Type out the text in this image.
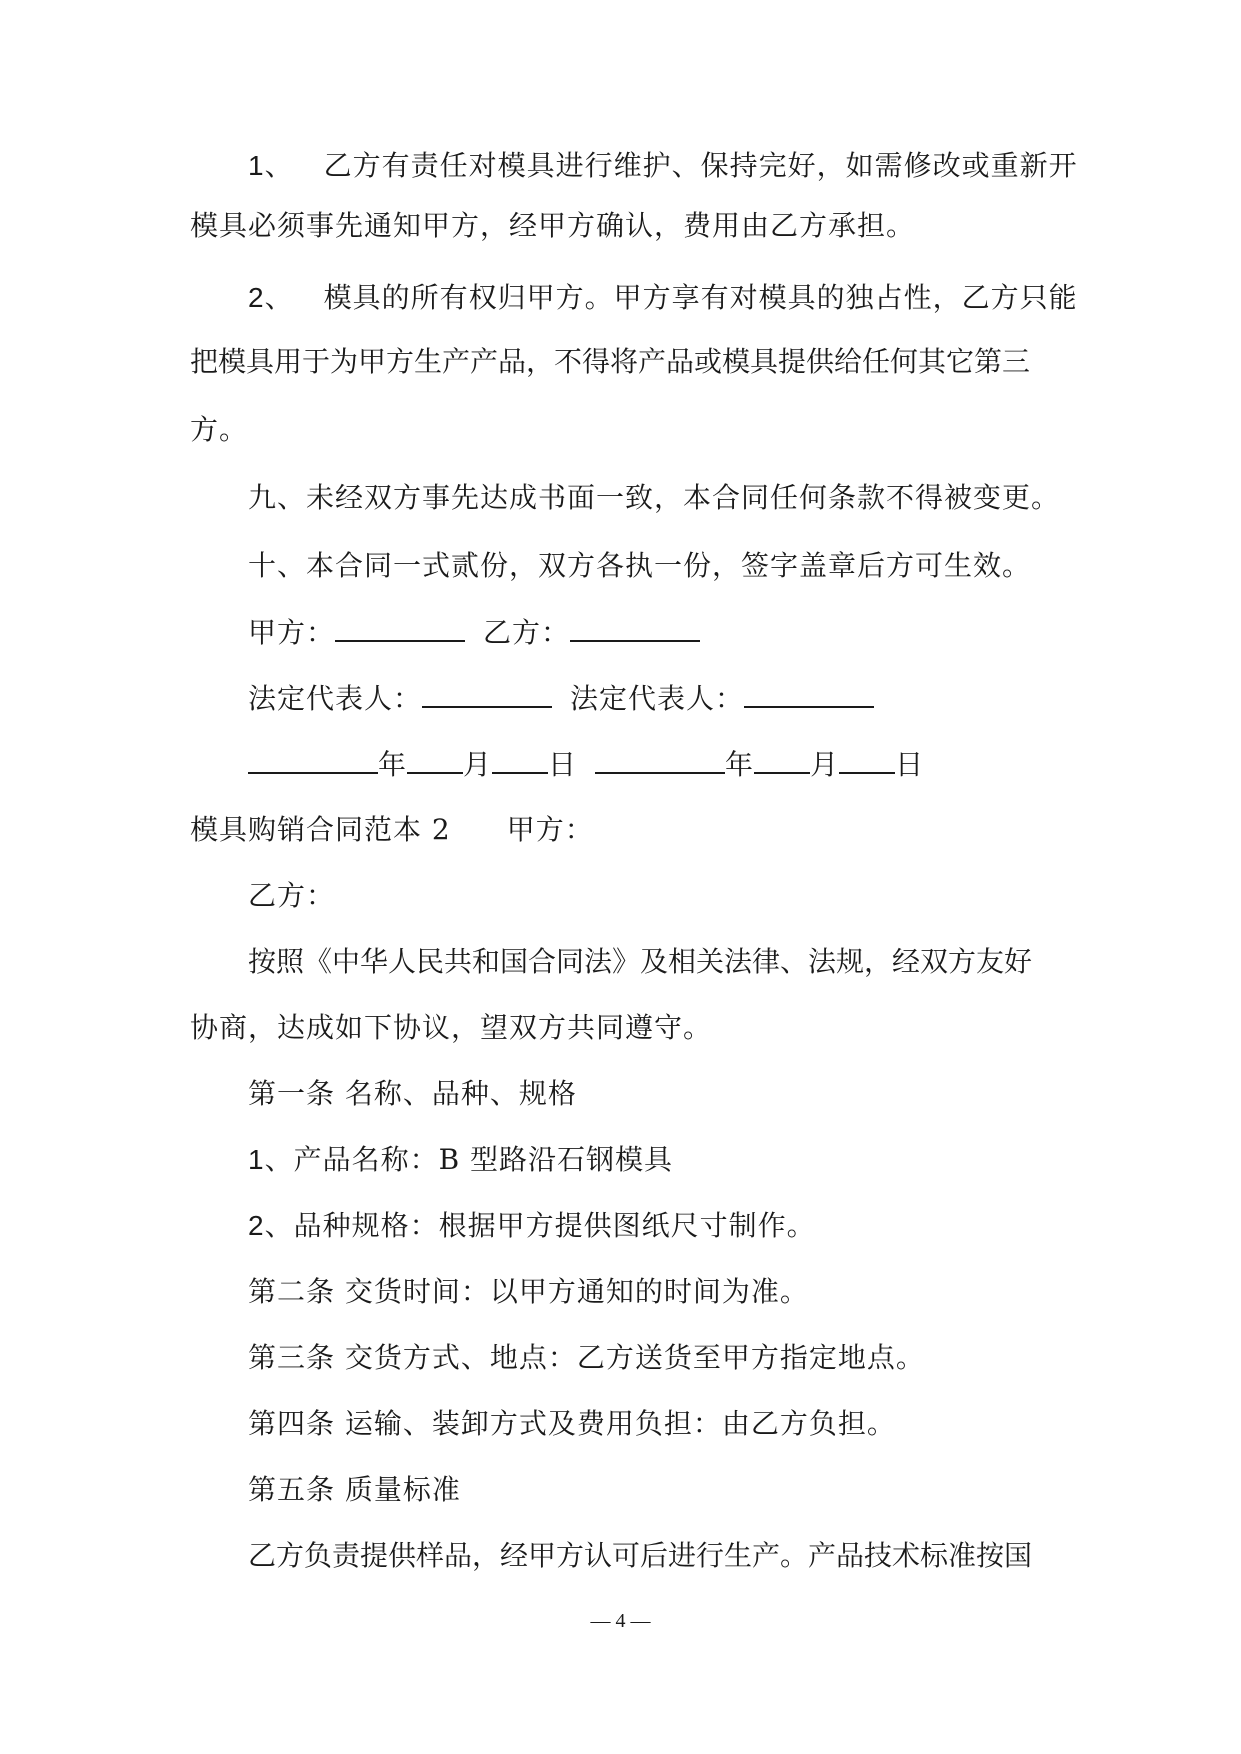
1、 乙方有责任对模具进行维护、保持完好，如需修改或重新开
模具必须事先通知甲方，经甲方确认，费用由乙方承担。
2、 模具的所有权归甲方。甲方享有对模具的独占性，乙方只能
把模具用于为甲方生产产品，不得将产品或模具提供给任何其它第三
方。
九、未经双方事先达成书面一致，本合同任何条款不得被变更。
十、本合同一式贰份，双方各执一份，签字盖章后方可生效。
甲方：	乙方：
法定代表人：	法定代表人：
年 月 日	年 月 日
模具购销合同范本 2 甲方：
乙方：
按照《中华人民共和国合同法》及相关法律、法规，经双方友好
协商，达成如下协议，望双方共同遵守。
第一条 名称、品种、规格
1、产品名称：B 型路沿石钢模具
2、品种规格：根据甲方提供图纸尺寸制作。
第二条 交货时间：以甲方通知的时间为准。
第三条 交货方式、地点：乙方送货至甲方指定地点。
第四条 运输、装卸方式及费用负担：由乙方负担。
第五条 质量标准
乙方负责提供样品，经甲方认可后进行生产。产品技术标准按国
— 4 —
